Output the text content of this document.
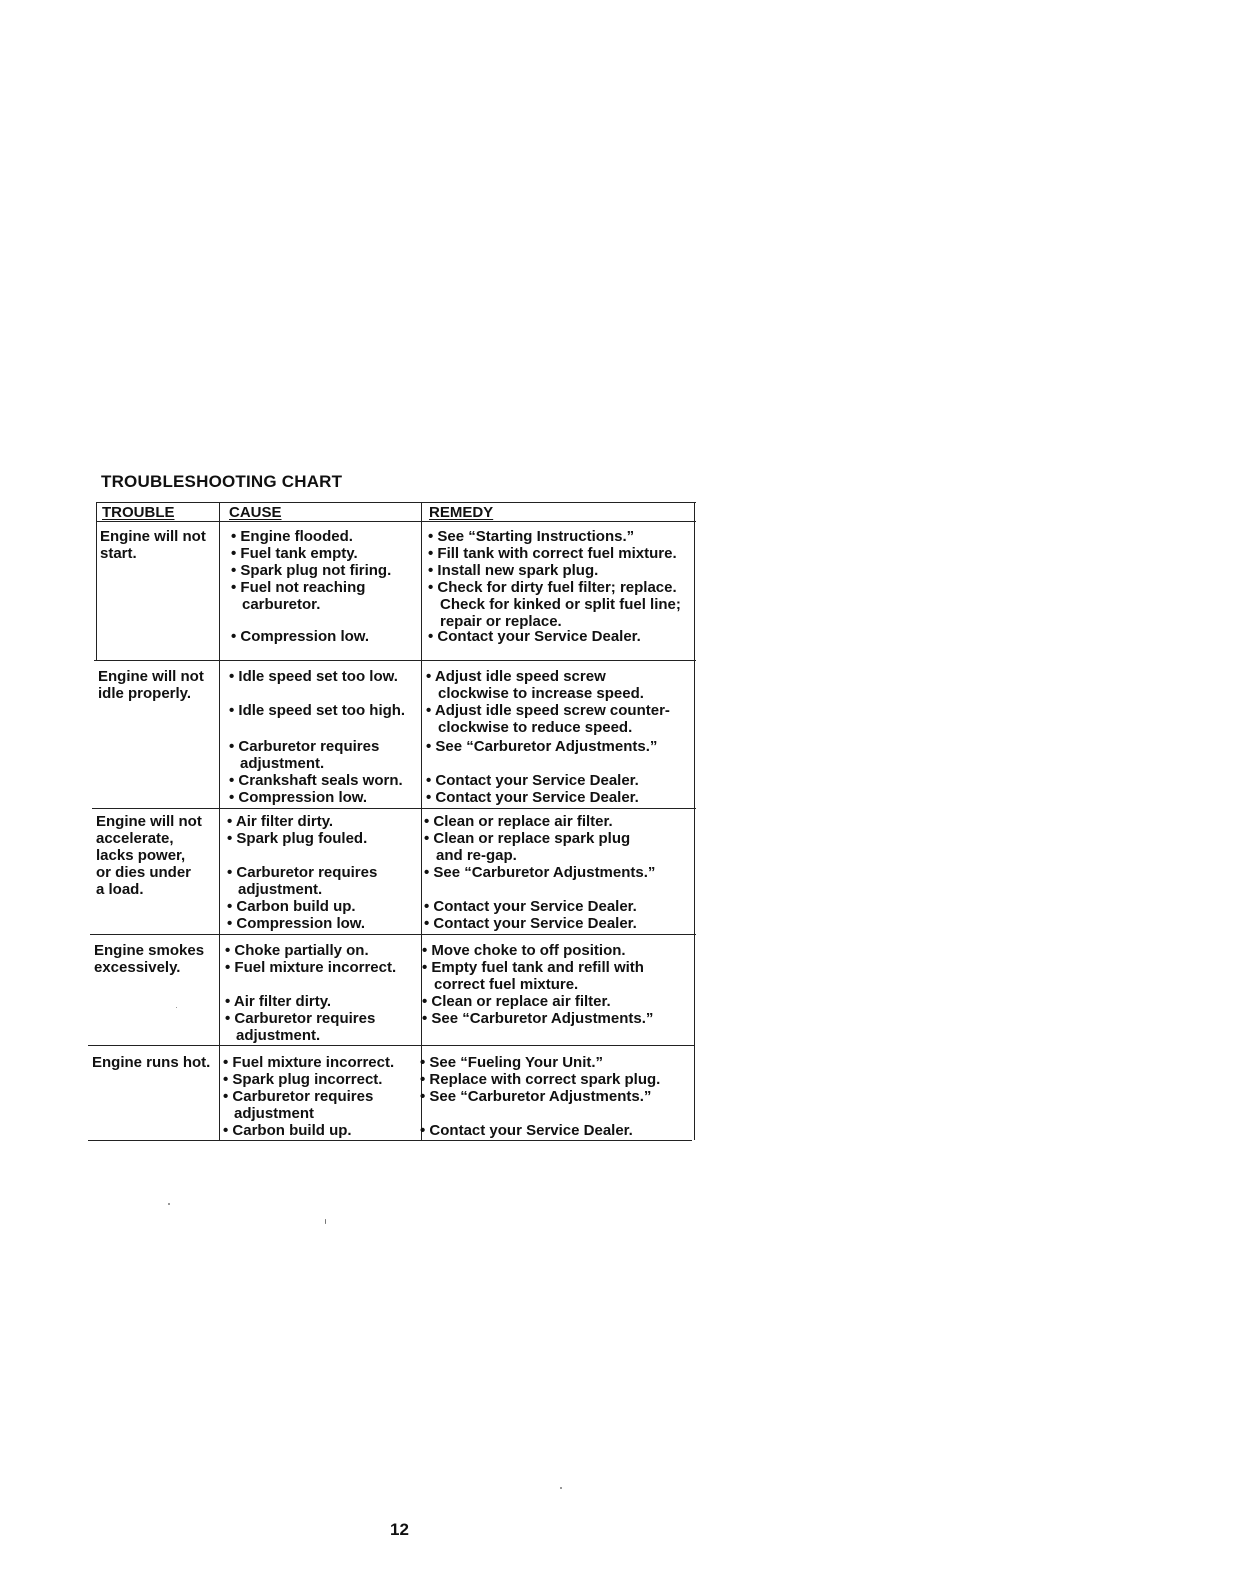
TROUBLESHOOTING CHART
TROUBLE	CAUSE	REMEDY
Engine will not
start.
• Engine flooded.
• Fuel tank empty.
• Spark plug not firing.
• Fuel not reaching
carburetor.
• Compression low.
• See “Starting Instructions.”
• Fill tank with correct fuel mixture.
• Install new spark plug.
• Check for dirty fuel filter; replace.
Check for kinked or split fuel line;
repair or replace.
• Contact your Service Dealer.
Engine will not
idle properly.
• Idle speed set too low.
• Idle speed set too high.
• Carburetor requires
adjustment.
• Crankshaft seals worn.
• Compression low.
• Adjust idle speed screw
clockwise to increase speed.
• Adjust idle speed screw counter-
clockwise to reduce speed.
• See “Carburetor Adjustments.”
• Contact your Service Dealer.
• Contact your Service Dealer.
Engine will not
accelerate,
lacks power,
or dies under
a load.
• Air filter dirty.
• Spark plug fouled.
• Carburetor requires
adjustment.
• Carbon build up.
• Compression low.
• Clean or replace air filter.
• Clean or replace spark plug
and re-gap.
• See “Carburetor Adjustments.”
• Contact your Service Dealer.
• Contact your Service Dealer.
Engine smokes
excessively.
• Choke partially on.
• Fuel mixture incorrect.
• Air filter dirty.
• Carburetor requires
adjustment.
• Move choke to off position.
• Empty fuel tank and refill with
correct fuel mixture.
• Clean or replace air filter.
• See “Carburetor Adjustments.”
Engine runs hot. • Fuel mixture incorrect.
• Spark plug incorrect.
• Carburetor requires
adjustment
• Carbon build up.
• See “Fueling Your Unit.”
• Replace with correct spark plug.
• See “Carburetor Adjustments.”
• Contact your Service Dealer.
12
